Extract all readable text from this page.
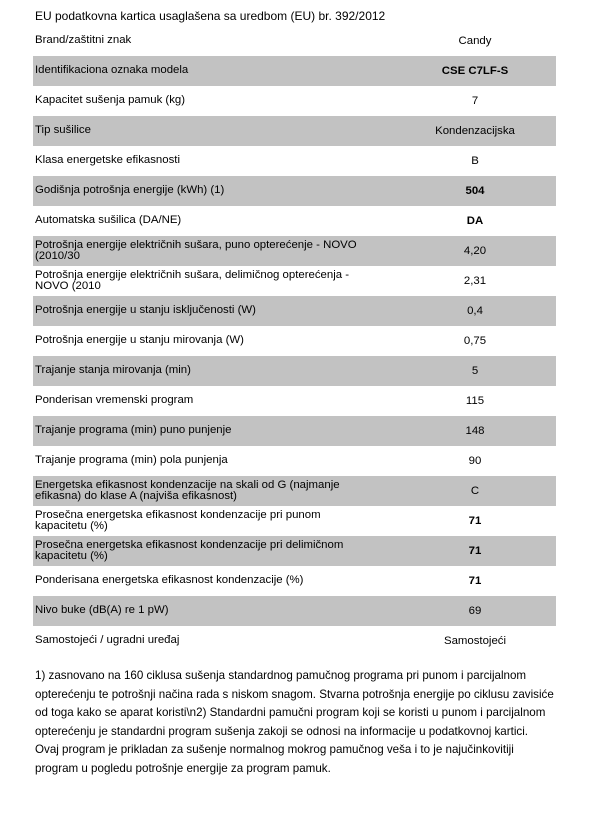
EU podatkovna kartica usaglašena sa uredbom (EU) br. 392/2012
Brand/zaštitni znak	Candy
Identifikaciona oznaka modela	CSE C7LF-S
Kapacitet sušenja pamuk (kg)	7
Tip sušilice	Kondenzacijska
Klasa energetske efikasnosti	B
Godišnja potrošnja energije (kWh) (1)	504
Automatska sušilica (DA/NE)	DA
Potrošnja energije električnih sušara, puno opterećenje - NOVO (2010/30	4,20
Potrošnja energije električnih sušara, delimičnog opterećenja - NOVO (2010	2,31
Potrošnja energije u stanju isključenosti (W)	0,4
Potrošnja energije u stanju mirovanja (W)	0,75
Trajanje stanja mirovanja (min)	5
Ponderisan vremenski program	115
Trajanje programa (min) puno punjenje	148
Trajanje programa (min) pola punjenja	90
Energetska efikasnost kondenzacije na skali od G (najmanje efikasna) do klase A (najviša efikasnost)	C
Prosečna energetska efikasnost kondenzacije pri punom kapacitetu (%)	71
Prosečna energetska efikasnost kondenzacije pri delimičnom kapacitetu (%)	71
Ponderisana energetska efikasnost kondenzacije (%)	71
Nivo buke (dB(A) re 1 pW)	69
Samostojeći / ugradni uređaj	Samostojeći
1) zasnovano na 160 ciklusa sušenja standardnog pamučnog programa pri punom i parcijalnom opterećenju te potrošnji načina rada s niskom snagom. Stvarna potrošnja energije po ciklusu zavisiće od toga kako se aparat koristi\n2) Standardni pamučni program koji se koristi u punom i parcijalnom opterećenju je standardni program sušenja zakoji se odnosi na informacije u podatkovnoj kartici. Ovaj program je prikladan za sušenje normalnog mokrog pamučnog veša i to je najučinkovitiji program u pogledu potrošnje energije za program pamuk.
